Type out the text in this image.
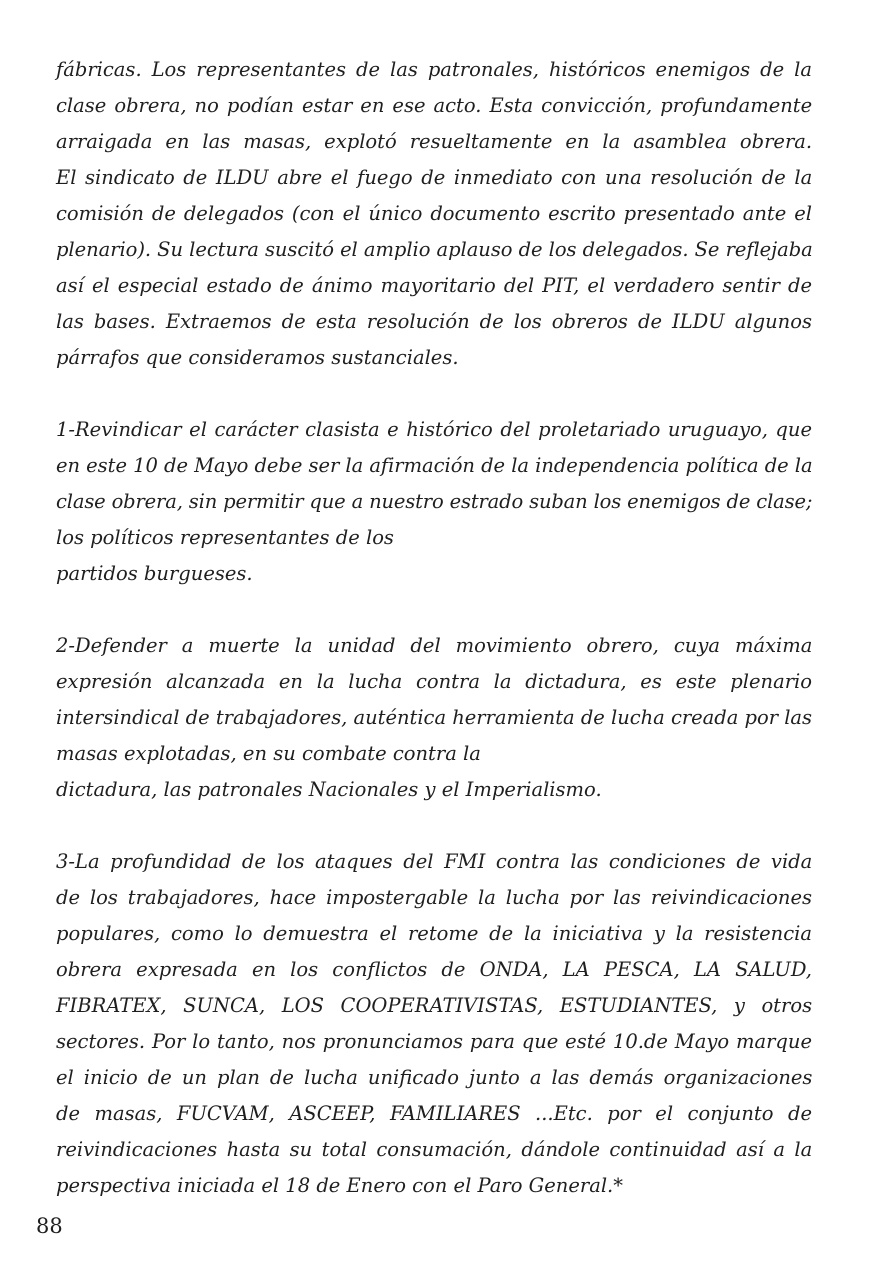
fábricas. Los representantes de las patronales, históricos enemigos de la
clase obrera, no podían estar en ese acto. Esta convicción, profundamente
arraigada en las masas, explotó resueltamente en la asamblea obrera.
El sindicato de ILDU abre el fuego de inmediato con una resolución de la
comisión de delegados (con el único documento escrito presentado ante el
plenario). Su lectura suscitó el amplio aplauso de los delegados. Se reflejaba
así el especial estado de ánimo mayoritario del PIT, el verdadero sentir de
las bases. Extraemos de esta resolución de los obreros de ILDU algunos
párrafos que consideramos sustanciales.

1-Revindicar el carácter clasista e histórico del proletariado uruguayo, que
en este 10 de Mayo debe ser la afirmación de la independencia política de la
clase obrera, sin permitir que a nuestro estrado suban los enemigos de clase;
los políticos representantes de los
partidos burgueses.

2-Defender a muerte la unidad del movimiento obrero, cuya máxima
expresión alcanzada en la lucha contra la dictadura, es este plenario
intersindical de trabajadores, auténtica herramienta de lucha creada por las
masas explotadas, en su combate contra la
dictadura, las patronales Nacionales y el Imperialismo.

3-La profundidad de los ataques del FMI contra las condiciones de vida
de los trabajadores, hace impostergable la lucha por las reivindicaciones
populares, como lo demuestra el retome de la iniciativa y la resistencia
obrera expresada en los conflictos de ONDA, LA PESCA, LA SALUD,
FIBRATEX, SUNCA, LOS COOPERATIVISTAS, ESTUDIANTES, y otros
sectores. Por lo tanto, nos pronunciamos para que esté 10.de Mayo marque
el inicio de un plan de lucha unificado junto a las demás organizaciones
de masas, FUCVAM, ASCEEP, FAMILIARES ...Etc. por el conjunto de
reivindicaciones hasta su total consumación, dándole continuidad así a la
perspectiva iniciada el 18 de Enero con el Paro General.*

88
